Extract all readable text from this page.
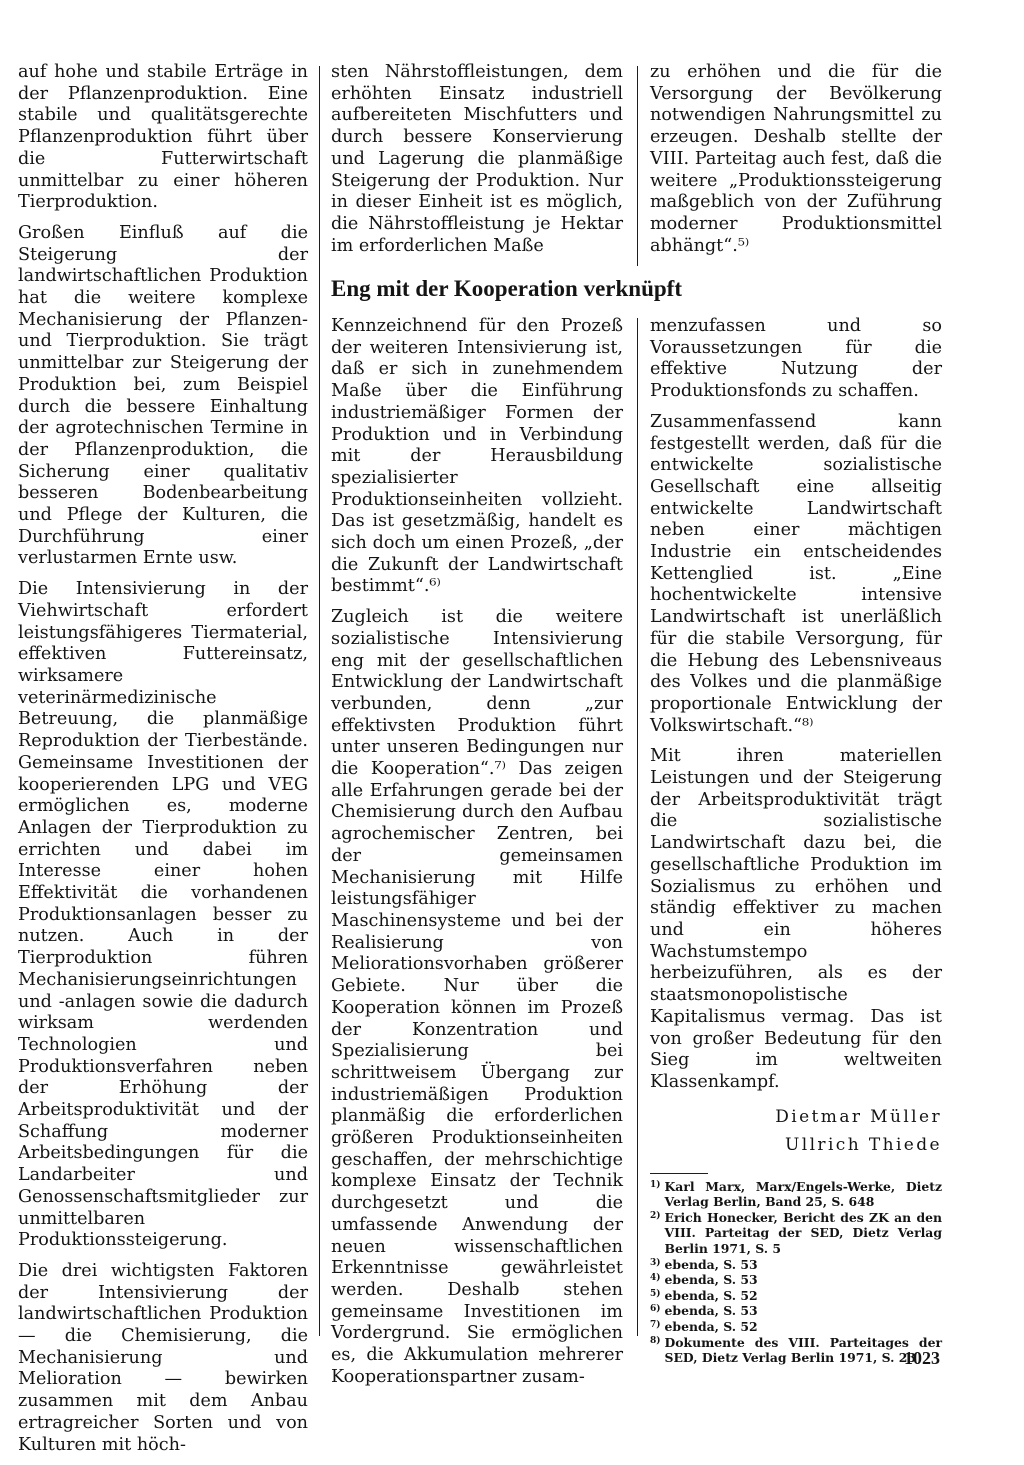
auf hohe und stabile Erträge in der Pflanzenproduktion. Eine stabile und qualitätsgerechte Pflanzenproduktion führt über die Futterwirtschaft unmittelbar zu einer höheren Tierproduktion.

Großen Einfluß auf die Steigerung der landwirtschaftlichen Produktion hat die weitere komplexe Mechanisierung der Pflanzen- und Tierproduktion. Sie trägt unmittelbar zur Steigerung der Produktion bei, zum Beispiel durch die bessere Einhaltung der agrotechnischen Termine in der Pflanzenproduktion, die Sicherung einer qualitativ besseren Bodenbearbeitung und Pflege der Kulturen, die Durchführung einer verlustarmen Ernte usw.

Die Intensivierung in der Viehwirtschaft erfordert leistungsfähigeres Tiermaterial, effektiven Futtereinsatz, wirksamere veterinärmedizinische Betreuung, die planmäßige Reproduktion der Tierbestände. Gemeinsame Investitionen der kooperierenden LPG und VEG ermöglichen es, moderne Anlagen der Tierproduktion zu errichten und dabei im Interesse einer hohen Effektivität die vorhandenen Produktionsanlagen besser zu nutzen. Auch in der Tierproduktion führen Mechanisierungseinrichtungen und -anlagen sowie die dadurch wirksam werdenden Technologien und Produktionsverfahren neben der Erhöhung der Arbeitsproduktivität und der Schaffung moderner Arbeitsbedingungen für die Landarbeiter und Genossenschaftsmitglieder zur unmittelbaren Produktionssteigerung.

Die drei wichtigsten Faktoren der Intensivierung der landwirtschaftlichen Produktion — die Chemisierung, die Mechanisierung und Melioration — bewirken zusammen mit dem Anbau ertragreicher Sorten und von Kulturen mit höch-

sten Nährstoffleistungen, dem erhöhten Einsatz industriell aufbereiteten Mischfutters und durch bessere Konservierung und Lagerung die planmäßige Steigerung der Produktion. Nur in dieser Einheit ist es möglich, die Nährstoffleistung je Hektar im erforderlichen Maße

zu erhöhen und die für die Versorgung der Bevölkerung notwendigen Nahrungsmittel zu erzeugen. Deshalb stellte der VIII. Parteitag auch fest, daß die weitere „Produktionssteigerung maßgeblich von der Zuführung moderner Produktionsmittel abhängt“.⁵⁾

Eng mit der Kooperation verknüpft

Kennzeichnend für den Prozeß der weiteren Intensivierung ist, daß er sich in zunehmendem Maße über die Einführung industriemäßiger Formen der Produktion und in Verbindung mit der Herausbildung spezialisierter Produktionseinheiten vollzieht. Das ist gesetzmäßig, handelt es sich doch um einen Prozeß, „der die Zukunft der Landwirtschaft bestimmt“.⁶⁾

Zugleich ist die weitere sozialistische Intensivierung eng mit der gesellschaftlichen Entwicklung der Landwirtschaft verbunden, denn „zur effektivsten Produktion führt unter unseren Bedingungen nur die Kooperation“.⁷⁾ Das zeigen alle Erfahrungen gerade bei der Chemisierung durch den Aufbau agrochemischer Zentren, bei der gemeinsamen Mechanisierung mit Hilfe leistungsfähiger Maschinensysteme und bei der Realisierung von Meliorationsvorhaben größerer Gebiete. Nur über die Kooperation können im Prozeß der Konzentration und Spezialisierung bei schrittweisem Übergang zur industriemäßigen Produktion planmäßig die erforderlichen größeren Produktionseinheiten geschaffen, der mehrschichtige komplexe Einsatz der Technik durchgesetzt und die umfassende Anwendung der neuen wissenschaftlichen Erkenntnisse gewährleistet werden. Deshalb stehen gemeinsame Investitionen im Vordergrund. Sie ermöglichen es, die Akkumulation mehrerer Kooperationspartner zusam-

menzufassen und so Voraussetzungen für die effektive Nutzung der Produktionsfonds zu schaffen.

Zusammenfassend kann festgestellt werden, daß für die entwickelte sozialistische Gesellschaft eine allseitig entwickelte Landwirtschaft neben einer mächtigen Industrie ein entscheidendes Kettenglied ist. „Eine hochentwickelte intensive Landwirtschaft ist unerläßlich für die stabile Versorgung, für die Hebung des Lebensniveaus des Volkes und die planmäßige proportionale Entwicklung der Volkswirtschaft.“⁸⁾

Mit ihren materiellen Leistungen und der Steigerung der Arbeitsproduktivität trägt die sozialistische Landwirtschaft dazu bei, die gesellschaftliche Produktion im Sozialismus zu erhöhen und ständig effektiver zu machen und ein höheres Wachstumstempo herbeizuführen, als es der staatsmonopolistische Kapitalismus vermag. Das ist von großer Bedeutung für den Sieg im weltweiten Klassenkampf.

Dietmar Müller

Ullrich Thiede

1) Karl Marx, Marx/Engels-Werke, Dietz Verlag Berlin, Band 25, S. 648
2) Erich Honecker, Bericht des ZK an den VIII. Parteitag der SED, Dietz Verlag Berlin 1971, S. 5
3) ebenda, S. 53
4) ebenda, S. 53
5) ebenda, S. 52
6) ebenda, S. 53
7) ebenda, S. 52
8) Dokumente des VIII. Parteitages der SED, Dietz Verlag Berlin 1971, S. 23

1023
